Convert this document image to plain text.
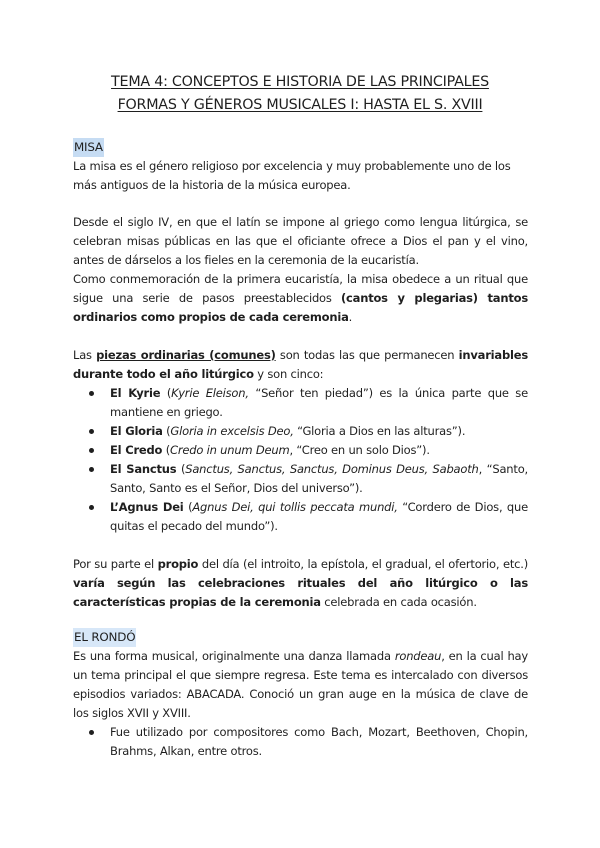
TEMA 4: CONCEPTOS E HISTORIA DE LAS PRINCIPALES
FORMAS Y GÉNEROS MUSICALES I: HASTA EL S. XVIII
MISA

La misa es el género religioso por excelencia y muy probablemente uno de los más antiguos de la historia de la música europea.

Desde el siglo IV, en que el latín se impone al griego como lengua litúrgica, se celebran misas públicas en las que el oficiante ofrece a Dios el pan y el vino, antes de dárselos a los fieles en la ceremonia de la eucaristía.

Como conmemoración de la primera eucaristía, la misa obedece a un ritual que sigue una serie de pasos preestablecidos (cantos y plegarias) tantos ordinarios como propios de cada ceremonia.

Las piezas ordinarias (comunes) son todas las que permanecen invariables durante todo el año litúrgico y son cinco:

El Kyrie (Kyrie Eleison, “Señor ten piedad”) es la única parte que se mantiene en griego.
El Gloria (Gloria in excelsis Deo, “Gloria a Dios en las alturas”).
El Credo (Credo in unum Deum, “Creo en un solo Dios”).
El Sanctus (Sanctus, Sanctus, Sanctus, Dominus Deus, Sabaoth, “Santo, Santo, Santo es el Señor, Dios del universo”).
L’Agnus Dei (Agnus Dei, qui tollis peccata mundi, “Cordero de Dios, que quitas el pecado del mundo”).

Por su parte el propio del día (el introito, la epístola, el gradual, el ofertorio, etc.) varía según las celebraciones rituales del año litúrgico o las características propias de la ceremonia celebrada en cada ocasión.

EL RONDÓ

Es una forma musical, originalmente una danza llamada rondeau, en la cual hay un tema principal el que siempre regresa. Este tema es intercalado con diversos episodios variados: ABACADA. Conoció un gran auge en la música de clave de los siglos XVII y XVIII.

Fue utilizado por compositores como Bach, Mozart, Beethoven, Chopin, Brahms, Alkan, entre otros.
